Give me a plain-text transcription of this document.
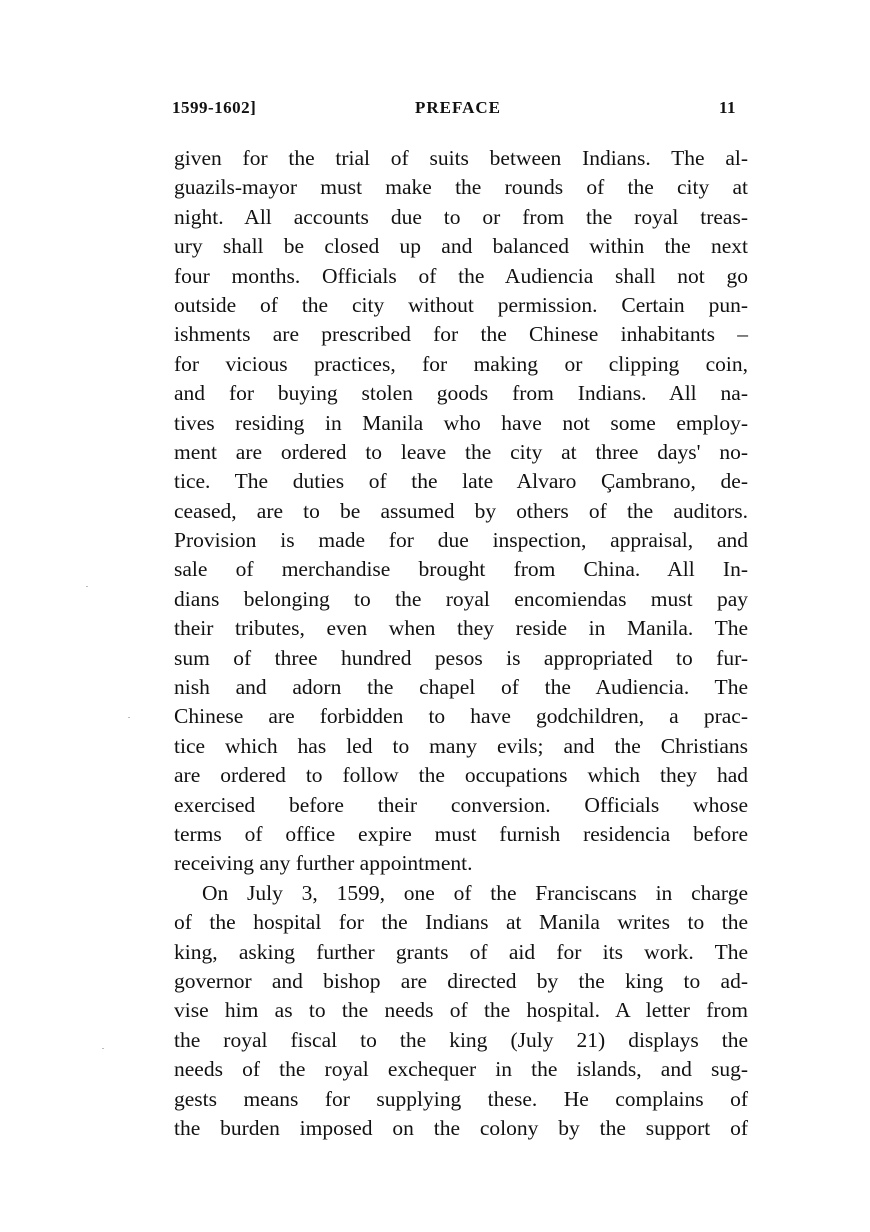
1599-1602]	PREFACE	11
given for the trial of suits between Indians. The al-
guazils-mayor must make the rounds of the city at
night. All accounts due to or from the royal treas-
ury shall be closed up and balanced within the next
four months. Officials of the Audiencia shall not go
outside of the city without permission. Certain pun-
ishments are prescribed for the Chinese inhabitants –
for vicious practices, for making or clipping coin,
and for buying stolen goods from Indians. All na-
tives residing in Manila who have not some employ-
ment are ordered to leave the city at three days' no-
tice. The duties of the late Alvaro Çambrano, de-
ceased, are to be assumed by others of the auditors.
Provision is made for due inspection, appraisal, and
sale of merchandise brought from China. All In-
dians belonging to the royal encomiendas must pay
their tributes, even when they reside in Manila. The
sum of three hundred pesos is appropriated to fur-
nish and adorn the chapel of the Audiencia. The
Chinese are forbidden to have godchildren, a prac-
tice which has led to many evils; and the Christians
are ordered to follow the occupations which they had
exercised before their conversion. Officials whose
terms of office expire must furnish residencia before
receiving any further appointment.
On July 3, 1599, one of the Franciscans in charge
of the hospital for the Indians at Manila writes to the
king, asking further grants of aid for its work. The
governor and bishop are directed by the king to ad-
vise him as to the needs of the hospital. A letter from
the royal fiscal to the king (July 21) displays the
needs of the royal exchequer in the islands, and sug-
gests means for supplying these. He complains of
the burden imposed on the colony by the support of
